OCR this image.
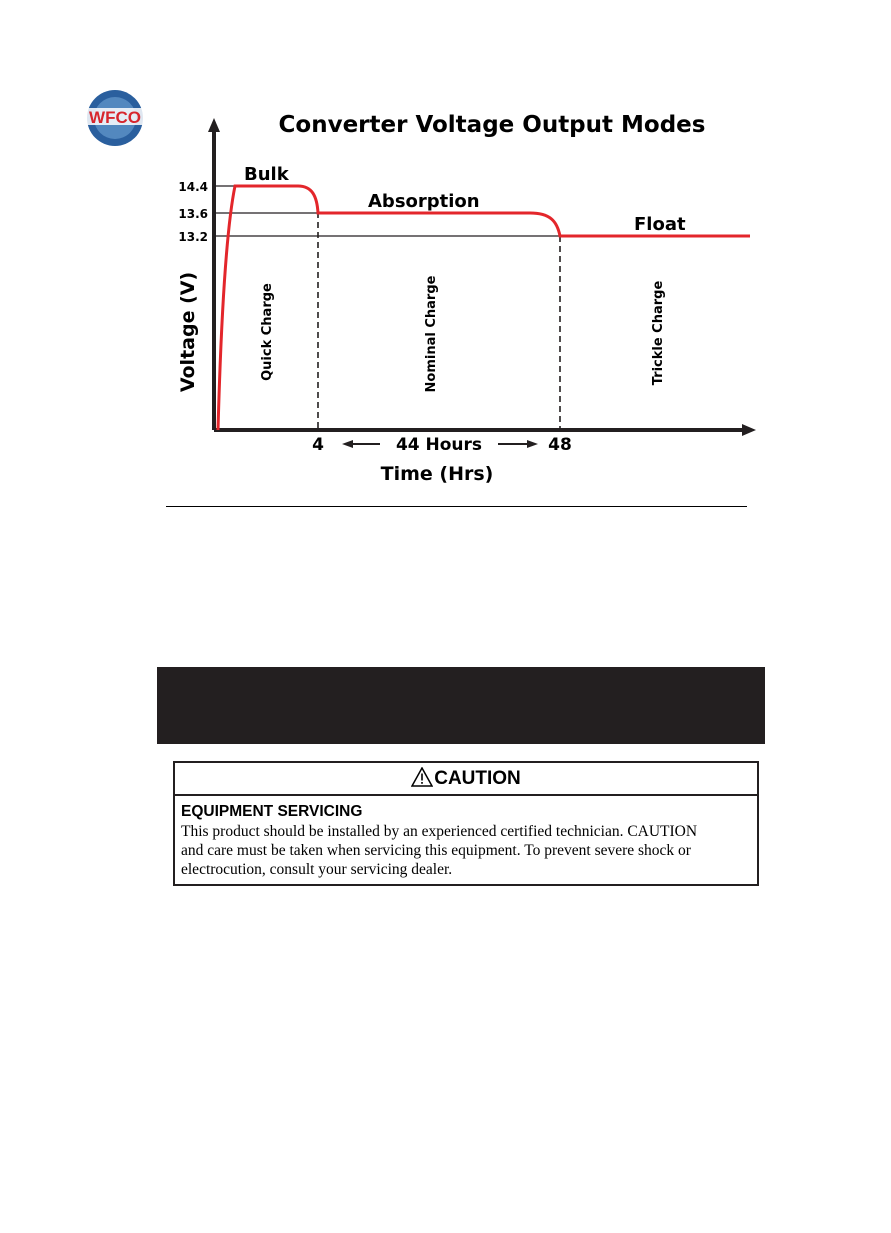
WFCO	Converter Voltage Output Modes
14.4
13.6
13.2
Bulk
Absorption
Float
Quick Charge	Nominal Charge	Trickle Charge
Voltage (V)
Time (Hrs)
4	48
44 Hours
CAUTION
EQUIPMENT SERVICING
This product should be installed by an experienced certified technician. CAUTION
and care must be taken when servicing this equipment. To prevent severe shock or
electrocution, consult your servicing dealer.
